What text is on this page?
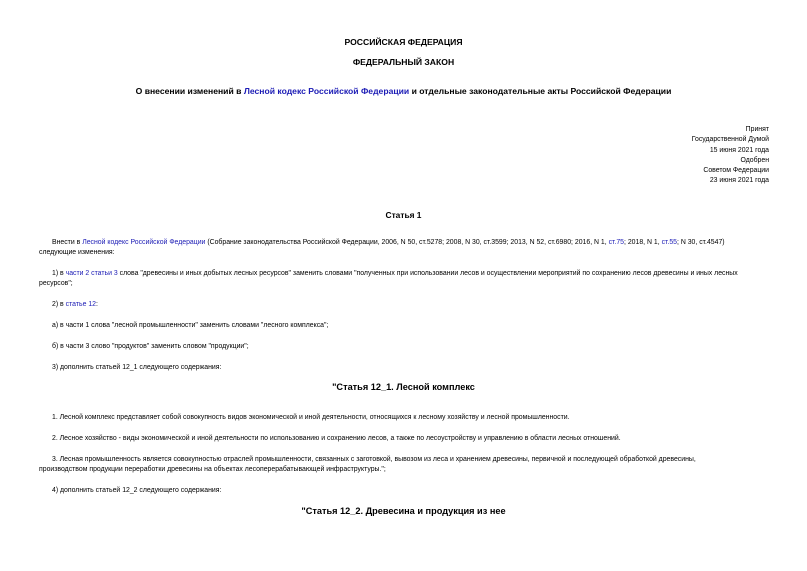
РОССИЙСКАЯ ФЕДЕРАЦИЯ
ФЕДЕРАЛЬНЫЙ ЗАКОН
О внесении изменений в Лесной кодекс Российской Федерации и отдельные законодательные акты Российской Федерации
Принят
Государственной Думой
15 июня 2021 года
Одобрен
Советом Федерации
23 июня 2021 года
Статья 1
Внести в Лесной кодекс Российской Федерации (Собрание законодательства Российской Федерации, 2006, N 50, ст.5278; 2008, N 30, ст.3599; 2013, N 52, ст.6980; 2016, N 1, ст.75; 2018, N 1, ст.55; N 30, ст.4547)
следующие изменения:
1) в части 2 статьи 3 слова "древесины и иных добытых лесных ресурсов" заменить словами "полученных при использовании лесов и осуществлении мероприятий по сохранению лесов древесины и иных лесных
ресурсов";
2) в статье 12:
а) в части 1 слова "лесной промышленности" заменить словами "лесного комплекса";
б) в части 3 слово "продуктов" заменить словом "продукции";
3) дополнить статьей 12_1 следующего содержания:
"Статья 12_1. Лесной комплекс
1. Лесной комплекс представляет собой совокупность видов экономической и иной деятельности, относящихся к лесному хозяйству и лесной промышленности.
2. Лесное хозяйство - виды экономической и иной деятельности по использованию и сохранению лесов, а также по лесоустройству и управлению в области лесных отношений.
3. Лесная промышленность является совокупностью отраслей промышленности, связанных с заготовкой, вывозом из леса и хранением древесины, первичной и последующей обработкой древесины,
производством продукции переработки древесины на объектах лесоперерабатывающей инфраструктуры.";
4) дополнить статьей 12_2 следующего содержания:
"Статья 12_2. Древесина и продукция из нее
